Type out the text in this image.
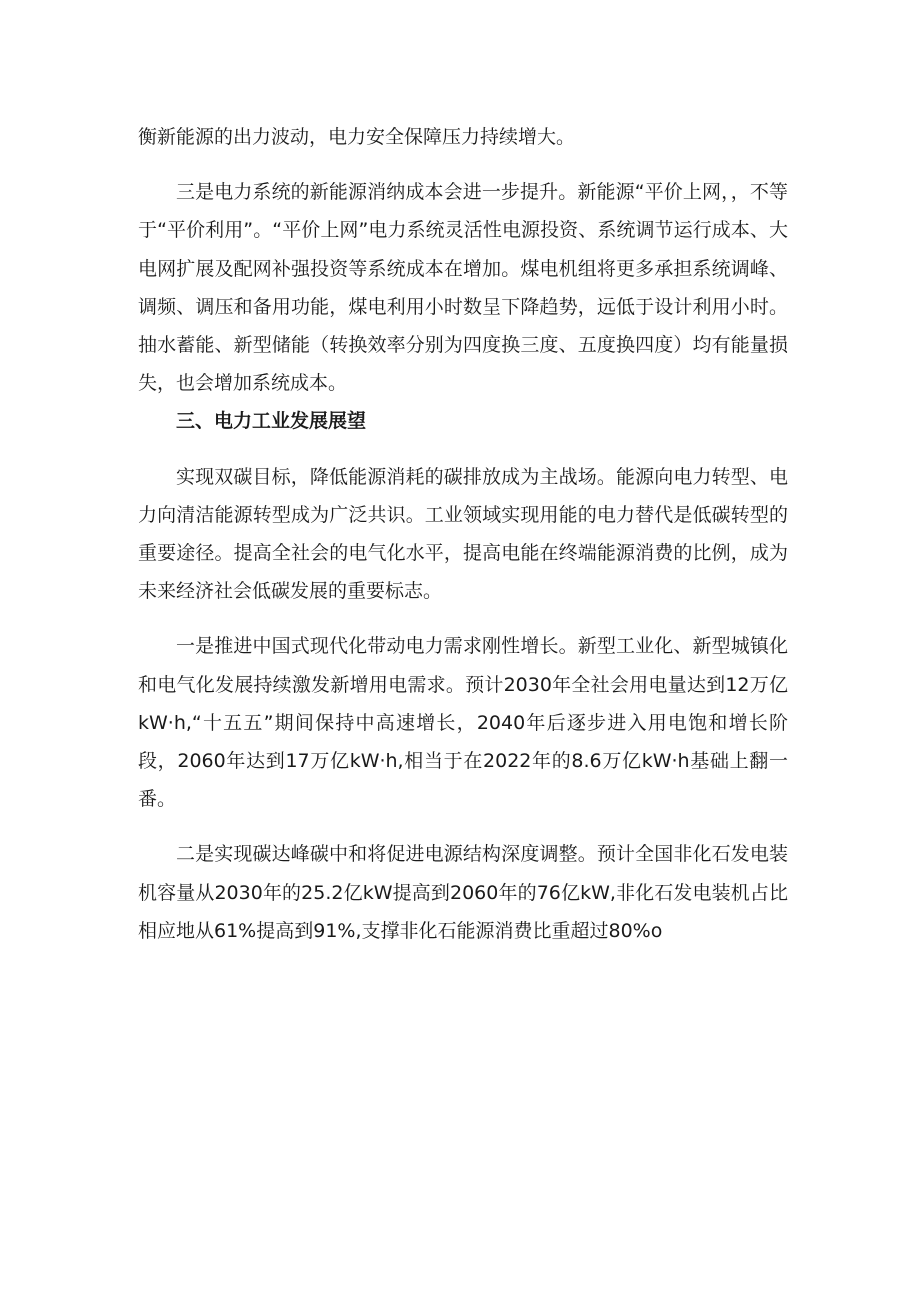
衡新能源的出力波动，电力安全保障压力持续增大。

三是电力系统的新能源消纳成本会进一步提升。新能源“平价上网，，不等于“平价利用”。“平价上网”电力系统灵活性电源投资、系统调节运行成本、大电网扩展及配网补强投资等系统成本在增加。煤电机组将更多承担系统调峰、调频、调压和备用功能，煤电利用小时数呈下降趋势，远低于设计利用小时。抽水蓄能、新型储能（转换效率分别为四度换三度、五度换四度）均有能量损失，也会增加系统成本。

三、电力工业发展展望

实现双碳目标，降低能源消耗的碳排放成为主战场。能源向电力转型、电力向清洁能源转型成为广泛共识。工业领域实现用能的电力替代是低碳转型的重要途径。提高全社会的电气化水平，提高电能在终端能源消费的比例，成为未来经济社会低碳发展的重要标志。

一是推进中国式现代化带动电力需求刚性增长。新型工业化、新型城镇化和电气化发展持续激发新增用电需求。预计2030年全社会用电量达到12万亿kW·h,“十五五”期间保持中高速增长，2040年后逐步进入用电饱和增长阶段，2060年达到17万亿kW·h,相当于在2022年的8.6万亿kW·h基础上翻一番。

二是实现碳达峰碳中和将促进电源结构深度调整。预计全国非化石发电装机容量从2030年的25.2亿kW提高到2060年的76亿kW,非化石发电装机占比相应地从61%提高到91%,支撑非化石能源消费比重超过80%o
